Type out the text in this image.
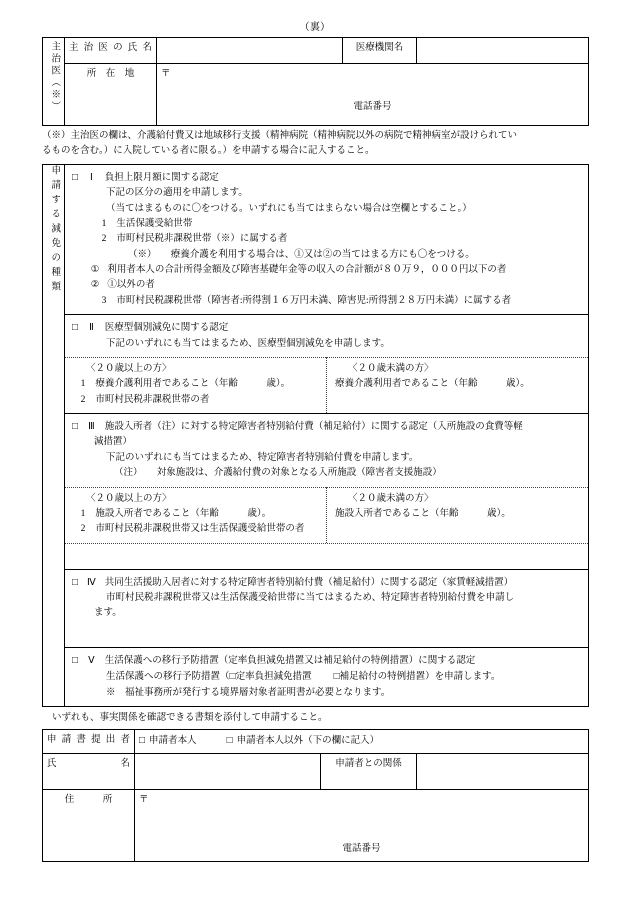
（裏）
主治医（※）	主治医の氏名		医療機関名	
	所　在　地	〒
電話番号		
（※）主治医の欄は、介護給付費又は地域移行支援（精神病院（精神病院以外の病院で精神病室が設けられてい
るものを含む。）に入院している者に限る。）を申請する場合に記入すること。
申請する減免の種類	□ Ⅰ 負担上限月額に関する認定
下記の区分の適用を申請します。
（当てはまるものに〇をつける。いずれにも当てはまらない場合は空欄とすること。）
1 生活保護受給世帯
2 市町村民税非課税世帯（※）に属する者
（※）　　療養介護を利用する場合は、①又は②の当てはまる方にも〇をつける。
① 利用者本人の合計所得金額及び障害基礎年金等の収入の合計額が８０万９，０００円以下の者
② ①以外の者
3 市町村民税課税世帯（障害者:所得割１６万円未満、障害児:所得割２８万円未満）に属する者
□ Ⅱ 医療型個別減免に関する認定
下記のいずれにも当てはまるため、医療型個別減免を申請します。
〈２０歳以上の方〉
1 療養介護利用者であること（年齢　　　歳）。
2 市町村民税非課税世帯の者

〈２０歳未満の方〉
療養介護利用者であること（年齢　　　歳）。
□ Ⅲ 施設入所者（注）に対する特定障害者特別給付費（補足給付）に関する認定（入所施設の食費等軽
減措置）
下記のいずれにも当てはまるため、特定障害者特別給付費を申請します。
（注）　　対象施設は、介護給付費の対象となる入所施設（障害者支援施設）
〈２０歳以上の方〉
1 施設入所者であること（年齢　　　歳）。
2 市町村民税非課税世帯又は生活保護受給世帯の者

〈２０歳未満の方〉
施設入所者であること（年齢　　　歳）。
□ Ⅳ 共同生活援助入居者に対する特定障害者特別給付費（補足給付）に関する認定（家賃軽減措置）
市町村民税非課税世帯又は生活保護受給世帯に当てはまるため、特定障害者特別給付費を申請し
ます。

□ Ⅴ 生活保護への移行予防措置（定率負担減免措置又は補足給付の特例措置）に関する認定
生活保護への移行予防措置（□定率負担減免措置 □補足給付の特例措置）を申請します。
※　福祉事務所が発行する境界層対象者証明書が必要となります。
いずれも、事実関係を確認できる書類を添付して申請すること。
申請書提出者	□ 申請者本人 □ 申請者本人以外（下の欄に記入）		
氏　　　名		申請者との関係	
住　　　所	〒
電話番号		
